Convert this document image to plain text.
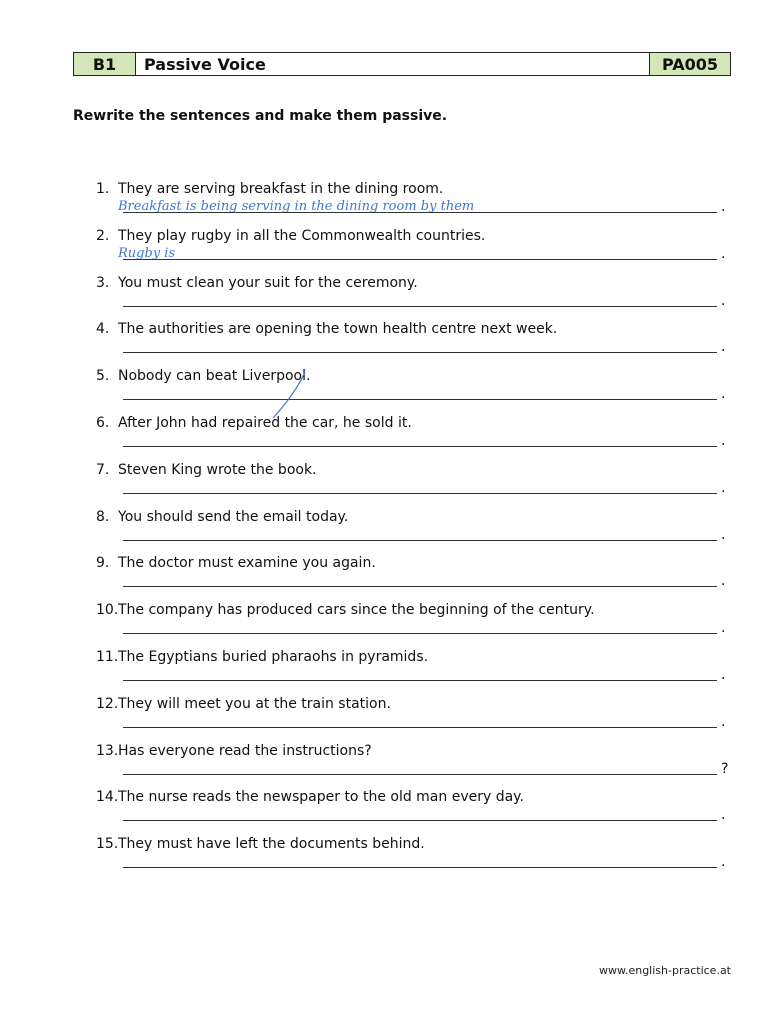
B1	Passive Voice	PA005
Rewrite the sentences and make them passive.
1. They are serving breakfast in the dining room.
Breakfast is being serving in the dining room by them	.
2. They play rugby in all the Commonwealth countries.
Rugby is	.
3. You must clean your suit for the ceremony.
.
4. The authorities are opening the town health centre next week.
.
5. Nobody can beat Liverpool.
.
6. After John had repaired the car, he sold it.
.
7. Steven King wrote the book.
.
8. You should send the email today.
.
9. The doctor must examine you again.
.
10. The company has produced cars since the beginning of the century.
.
11. The Egyptians buried pharaohs in pyramids.
.
12. They will meet you at the train station.
.
13. Has everyone read the instructions?
?
14. The nurse reads the newspaper to the old man every day.
.
15. They must have left the documents behind.
.
www.english-practice.at
